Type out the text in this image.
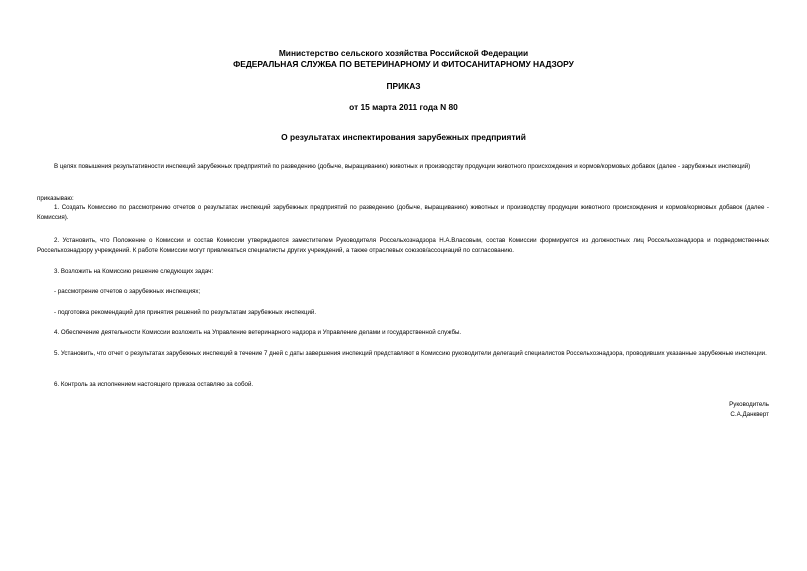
Министерство сельского хозяйства Российской Федерации
ФЕДЕРАЛЬНАЯ СЛУЖБА ПО ВЕТЕРИНАРНОМУ И ФИТОСАНИТАРНОМУ НАДЗОРУ
ПРИКАЗ
от 15 марта 2011 года N 80
О результатах инспектирования зарубежных предприятий
В целях повышения результативности инспекций зарубежных предприятий по разведению (добыче, выращиванию) животных и производству продукции животного происхождения и кормов/кормовых добавок (далее - зарубежных инспекций)
приказываю:
1. Создать Комиссию по рассмотрению отчетов о результатах инспекций зарубежных предприятий по разведению (добыче, выращиванию) животных и производству продукции животного происхождения и кормов/кормовых добавок (далее - Комиссия).
2. Установить, что Положение о Комиссии и состав Комиссии утверждаются заместителем Руководителя Россельхознадзора Н.А.Власовым, состав Комиссии формируется из должностных лиц Россельхознадзора и подведомственных Россельхознадзору учреждений. К работе Комиссии могут привлекаться специалисты других учреждений, а также отраслевых союзов/ассоциаций по согласованию.
3. Возложить на Комиссию решение следующих задач:
- рассмотрение отчетов о зарубежных инспекциях;
- подготовка рекомендаций для принятия решений по результатам зарубежных инспекций.
4. Обеспечение деятельности Комиссии возложить на Управление ветеринарного надзора и Управление делами и государственной службы.
5. Установить, что отчет о результатах зарубежных инспекций в течение 7 дней с даты завершения инспекций представляют в Комиссию руководители делегаций специалистов Россельхознадзора, проводивших указанные зарубежные инспекции.
6. Контроль за исполнением настоящего приказа оставляю за собой.
Руководитель
С.А.Данкверт
